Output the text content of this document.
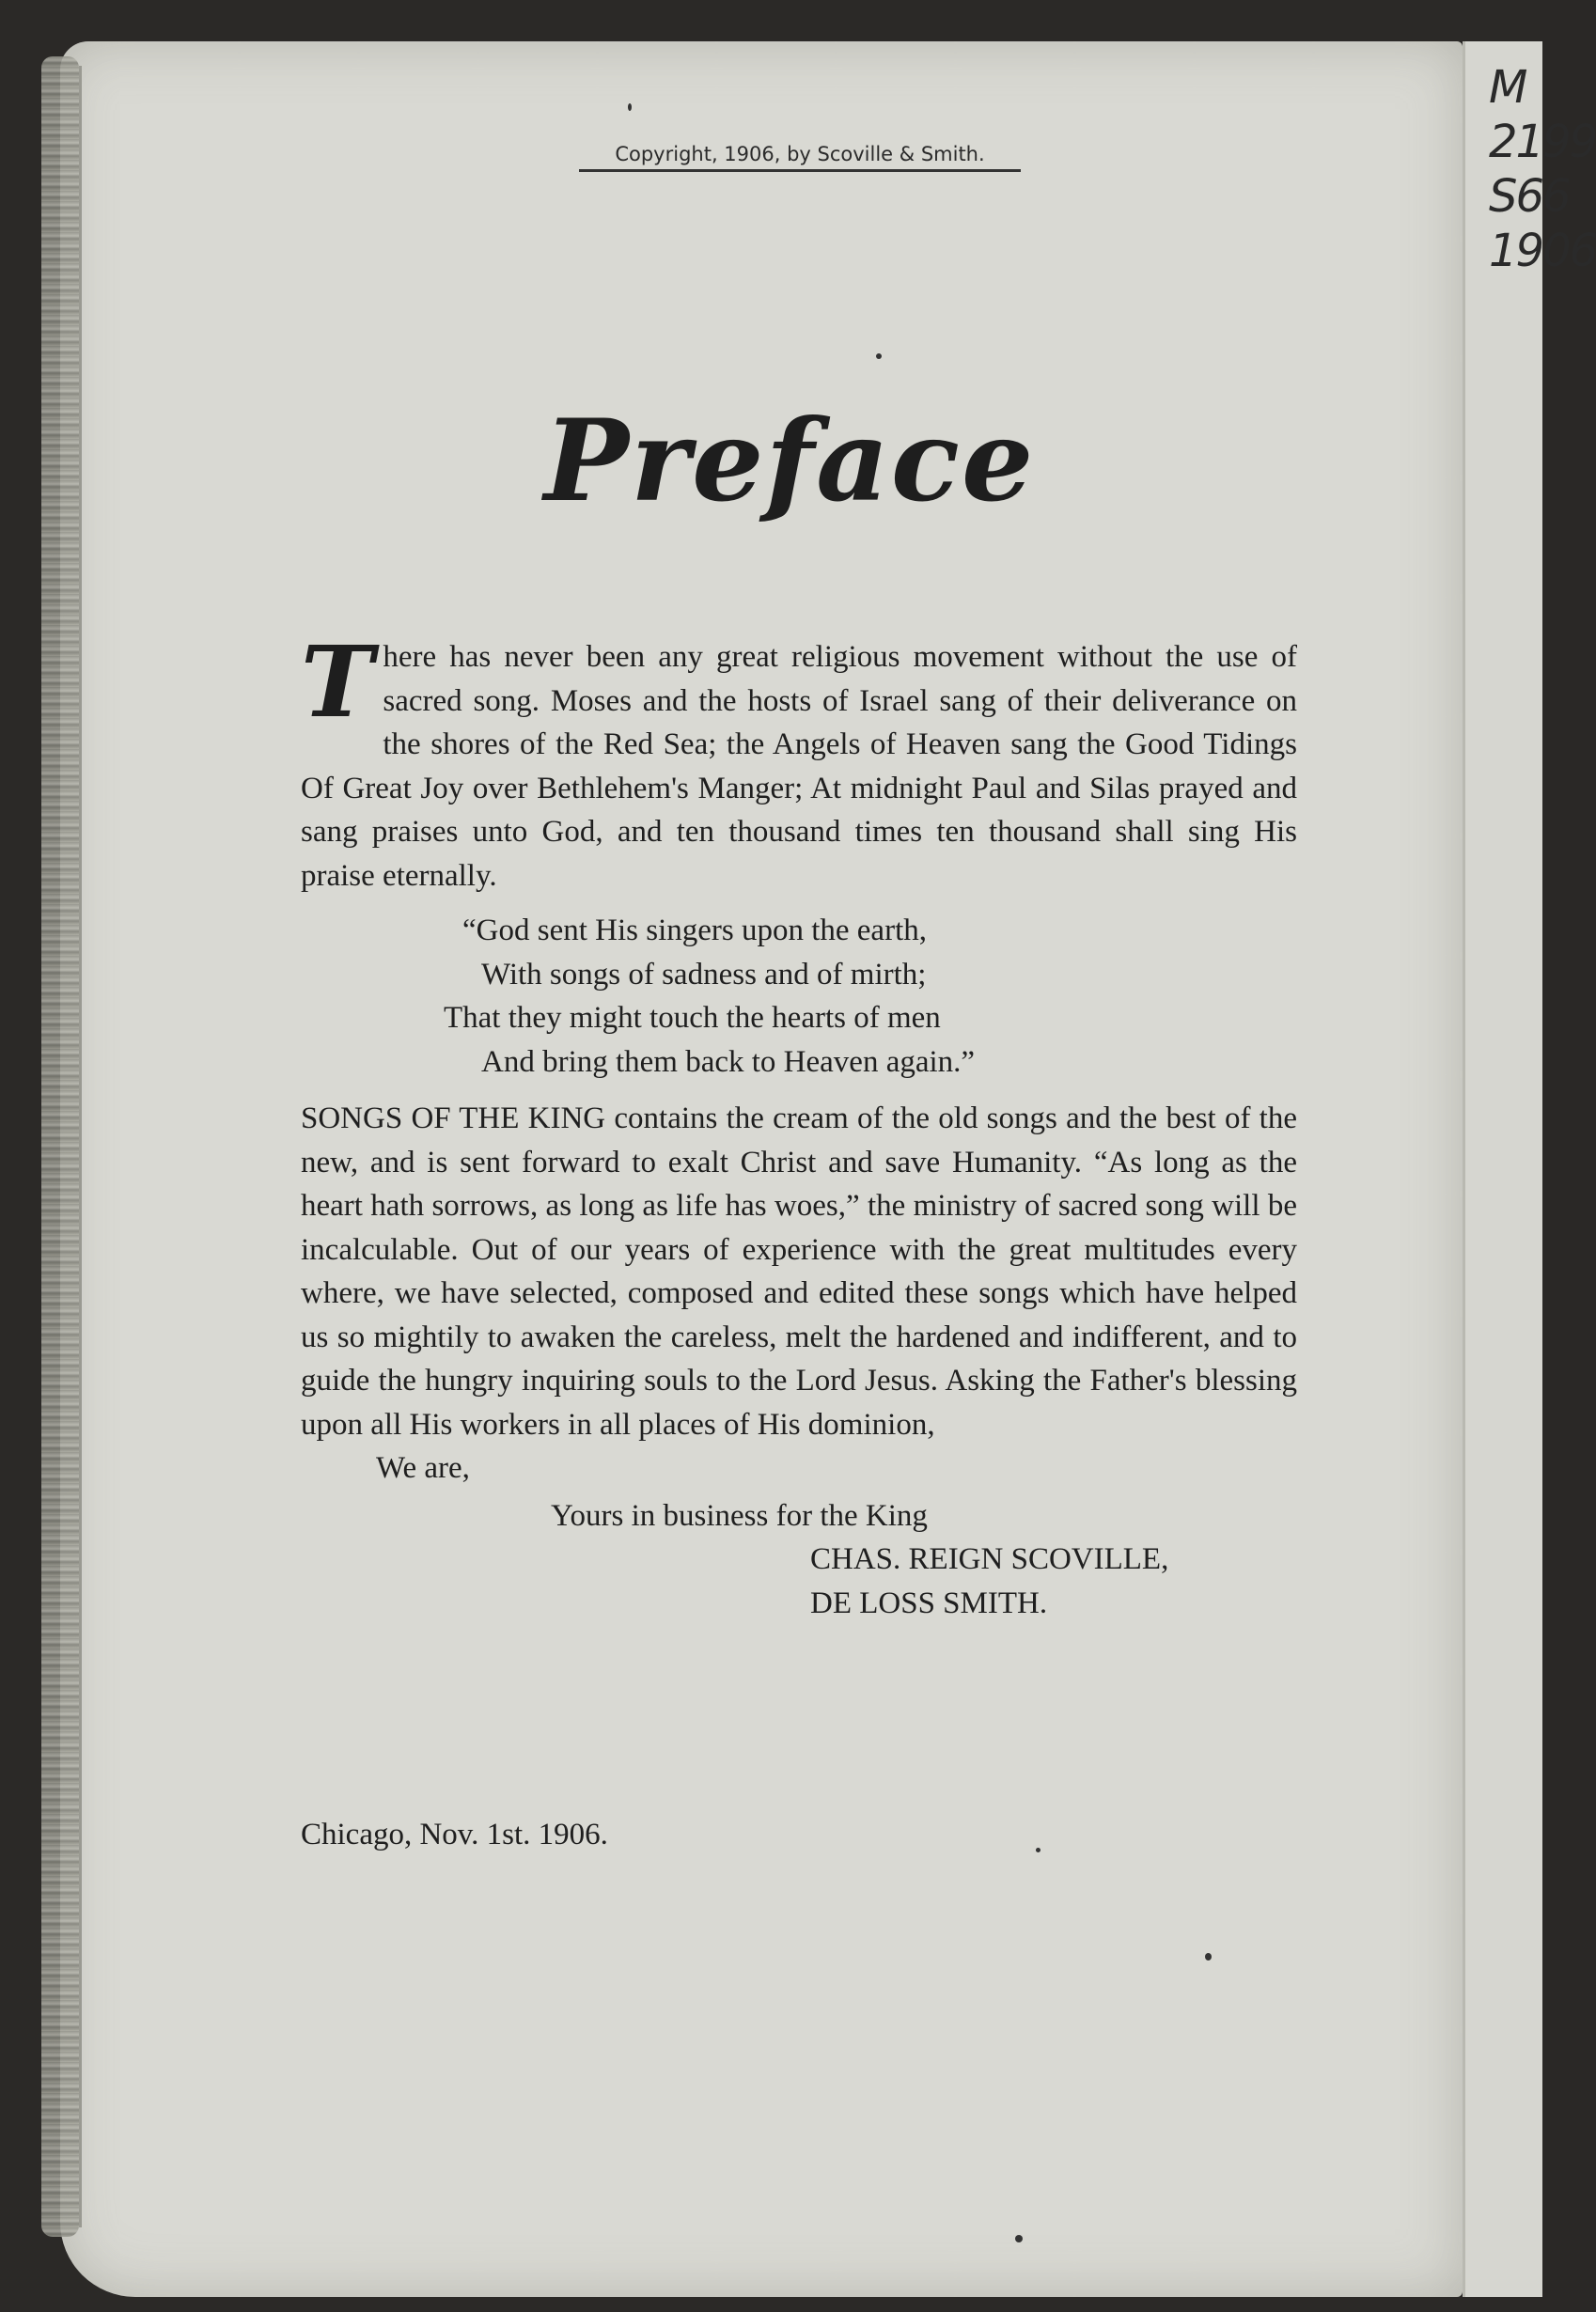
M
2199
S66
1906
Copyright, 1906, by Scoville & Smith.
Preface

There has never been any great religious movement without the use of sacred song. Moses and the hosts of Israel sang of their deliverance on the shores of the Red Sea; the Angels of Heaven sang the Good Tidings Of Great Joy over Bethlehem's Manger; At midnight Paul and Silas prayed and sang praises unto God, and ten thousand times ten thousand shall sing His praise eternally.

“God sent His singers upon the earth,
With songs of sadness and of mirth;
That they might touch the hearts of men
And bring them back to Heaven again.”

SONGS OF THE KING contains the cream of the old songs and the best of the new, and is sent forward to exalt Christ and save Humanity. “As long as the heart hath sorrows, as long as life has woes,” the ministry of sacred song will be incalculable. Out of our years of experience with the great multitudes every where, we have selected, composed and edited these songs which have helped us so mightily to awaken the careless, melt the hardened and indifferent, and to guide the hungry inquiring souls to the Lord Jesus. Asking the Father's blessing upon all His workers in all places of His dominion,

We are,
Yours in business for the King
CHAS. REIGN SCOVILLE,
DE LOSS SMITH.
Chicago, Nov. 1st. 1906.
